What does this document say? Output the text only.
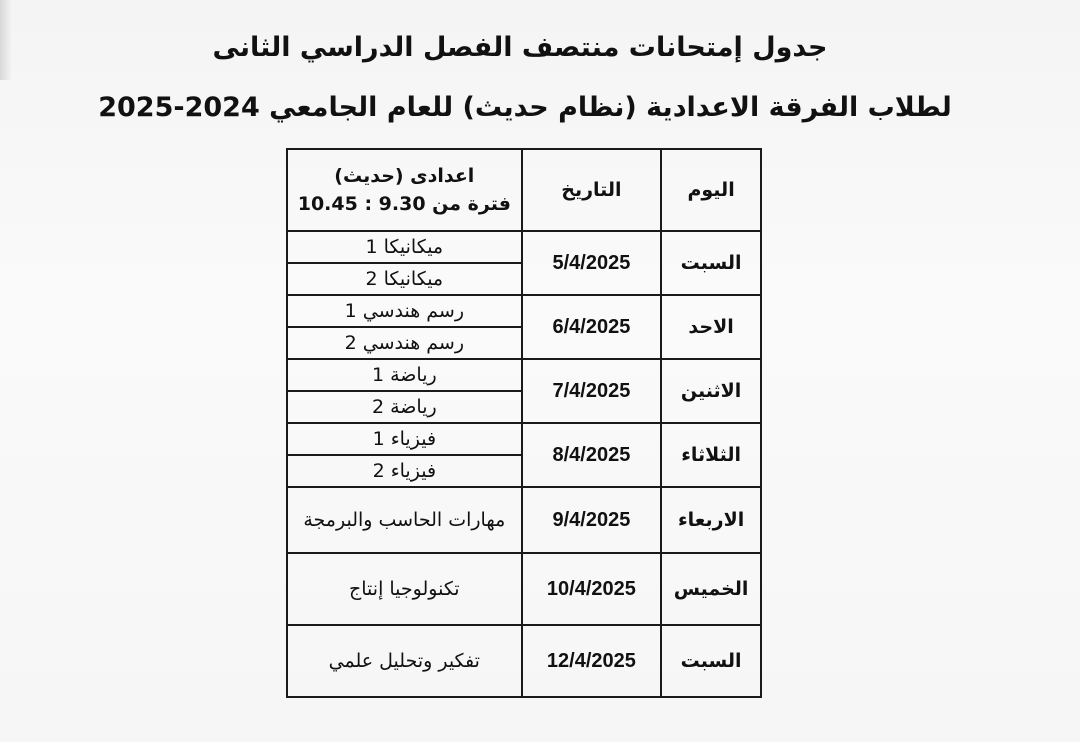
جدول إمتحانات منتصف الفصل الدراسي الثانى
لطلاب الفرقة الاعدادية (نظام حديث) للعام الجامعي 2024-2025
اليوم	التاريخ	اعدادى (حديث)
فترة من 9.30 : 10.45

السبت	5/4/2025	ميكانيكا 1
		ميكانيكا 2
الاحد	6/4/2025	رسم هندسي 1
		رسم هندسي 2
الاثنين	7/4/2025	رياضة 1
		رياضة 2
الثلاثاء	8/4/2025	فيزياء 1
		فيزياء 2
الاربعاء	9/4/2025	مهارات الحاسب والبرمجة
الخميس	10/4/2025	تكنولوجيا إنتاج
السبت	12/4/2025	تفكير وتحليل علمي
